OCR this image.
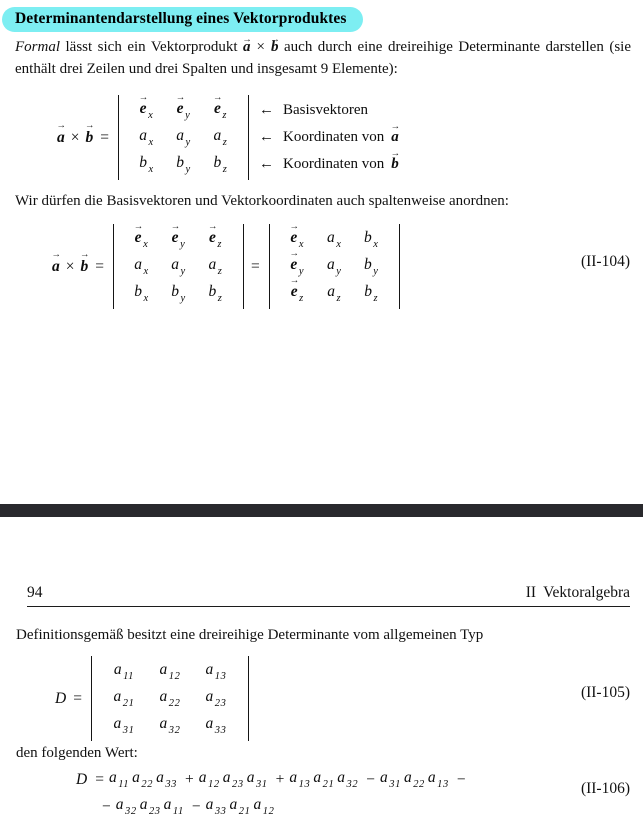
Determinantendarstellung eines Vektorproduktes

Formal lässt sich ein Vektorprodukt → a × → b auch durch eine dreireihige Determinante darstellen (sie enthält drei Zeilen und drei Spalten und insgesamt 9 Elemente):

→ a × → b =
→ e $_x$ → e $_y$ → e $_z$
a $_x$ a $_y$ a $_z$
b $_x$ b $_y$ b $_z$
← Basisvektoren
← Koordinaten von → a
← Koordinaten von → b

Wir dürfen die Basisvektoren und Vektorkoordinaten auch spaltenweise anordnen:

→ a × → b =
→ e $_x$ → e $_y$ → e $_z$
a $_x$ a $_y$ a $_z$
b $_x$ b $_y$ b $_z$
=
→ e $_x$ a $_x$ b $_x$
→ e $_y$ a $_y$ b $_y$
→ e $_z$ a $_z$ b $_z$
(II-104)
94	II Vektoralgebra

Definitionsgemäß besitzt eine dreireihige Determinante vom allgemeinen Typ

D =
a $_{11}$ a $_{12}$ a $_{13}$
a $_{21}$ a $_{22}$ a $_{23}$
a $_{31}$ a $_{32}$ a $_{33}$
(II-105)

den folgenden Wert:

D = a $_{11}$ a $_{22}$ a $_{33}$ + a $_{12}$ a $_{23}$ a $_{31}$ + a $_{13}$ a $_{21}$ a $_{32}$ − a $_{31}$ a $_{22}$ a $_{13}$ −
− a $_{32}$ a $_{23}$ a $_{11}$ − a $_{33}$ a $_{21}$ a $_{12}$
(II-106)
